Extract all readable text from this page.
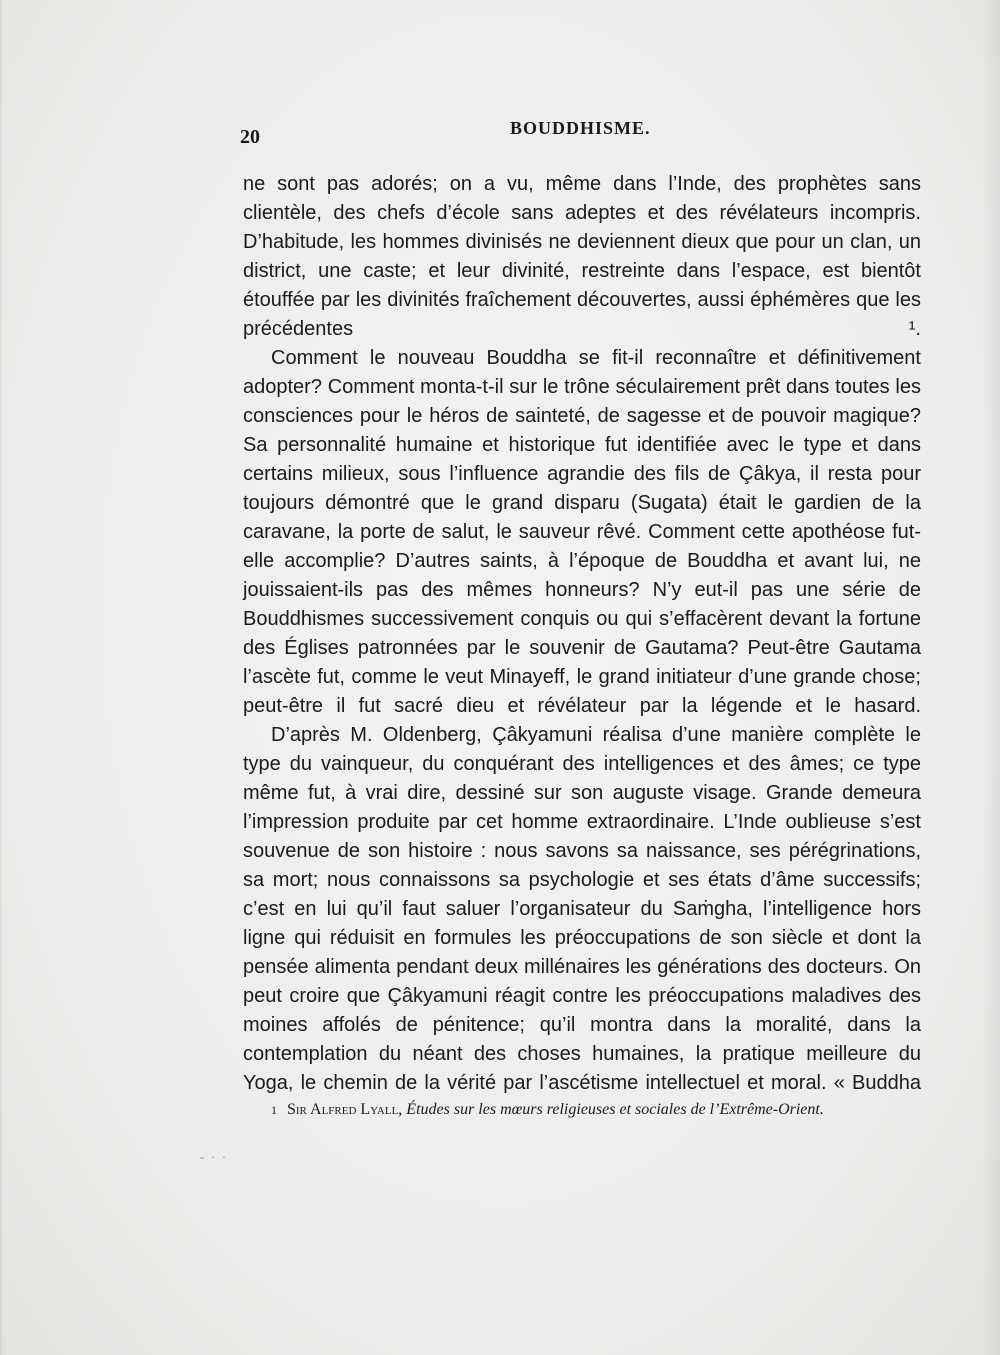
20	BOUDDHISME.

ne sont pas adorés; on a vu, même dans l’Inde, des prophètes sans clientèle, des chefs d’école sans adeptes et des révélateurs incompris. D’habitude, les hommes divinisés ne deviennent dieux que pour un clan, un district, une caste; et leur divinité, restreinte dans l’espace, est bientôt étouffée par les divinités fraîchement découvertes, aussi éphémères que les précédentes ¹.

Comment le nouveau Bouddha se fit-il reconnaître et définitivement adopter? Comment monta-t-il sur le trône séculairement prêt dans toutes les consciences pour le héros de sainteté, de sagesse et de pouvoir magique? Sa personnalité humaine et historique fut identifiée avec le type et dans certains milieux, sous l’influence agrandie des fils de Çâkya, il resta pour toujours démontré que le grand disparu (Sugata) était le gardien de la caravane, la porte de salut, le sauveur rêvé. Comment cette apothéose fut-elle accomplie? D’autres saints, à l’époque de Bouddha et avant lui, ne jouissaient-ils pas des mêmes honneurs? N’y eut-il pas une série de Bouddhismes successivement conquis ou qui s’effacèrent devant la fortune des Églises patronnées par le souvenir de Gautama? Peut-être Gautama l’ascète fut, comme le veut Minayeff, le grand initiateur d’une grande chose; peut-être il fut sacré dieu et révélateur par la légende et le hasard.

D’après M. Oldenberg, Çâkyamuni réalisa d’une manière complète le type du vainqueur, du conquérant des intelligences et des âmes; ce type même fut, à vrai dire, dessiné sur son auguste visage. Grande demeura l’impression produite par cet homme extraordinaire. L’Inde oublieuse s’est souvenue de son histoire : nous savons sa naissance, ses pérégrinations, sa mort; nous connaissons sa psychologie et ses états d’âme successifs; c’est en lui qu’il faut saluer l’organisateur du Saṁgha, l’intelligence hors ligne qui réduisit en formules les préoccupations de son siècle et dont la pensée alimenta pendant deux millénaires les générations des docteurs. On peut croire que Çâkyamuni réagit contre les préoccupations maladives des moines affolés de pénitence; qu’il montra dans la moralité, dans la contemplation du néant des choses humaines, la pratique meilleure du Yoga, le chemin de la vérité par l’ascétisme intellectuel et moral. « Buddha

$^1$ Sir Alfred Lyall, Études sur les mœurs religieuses et sociales de l’Extrême-Orient.
‐ · ·
